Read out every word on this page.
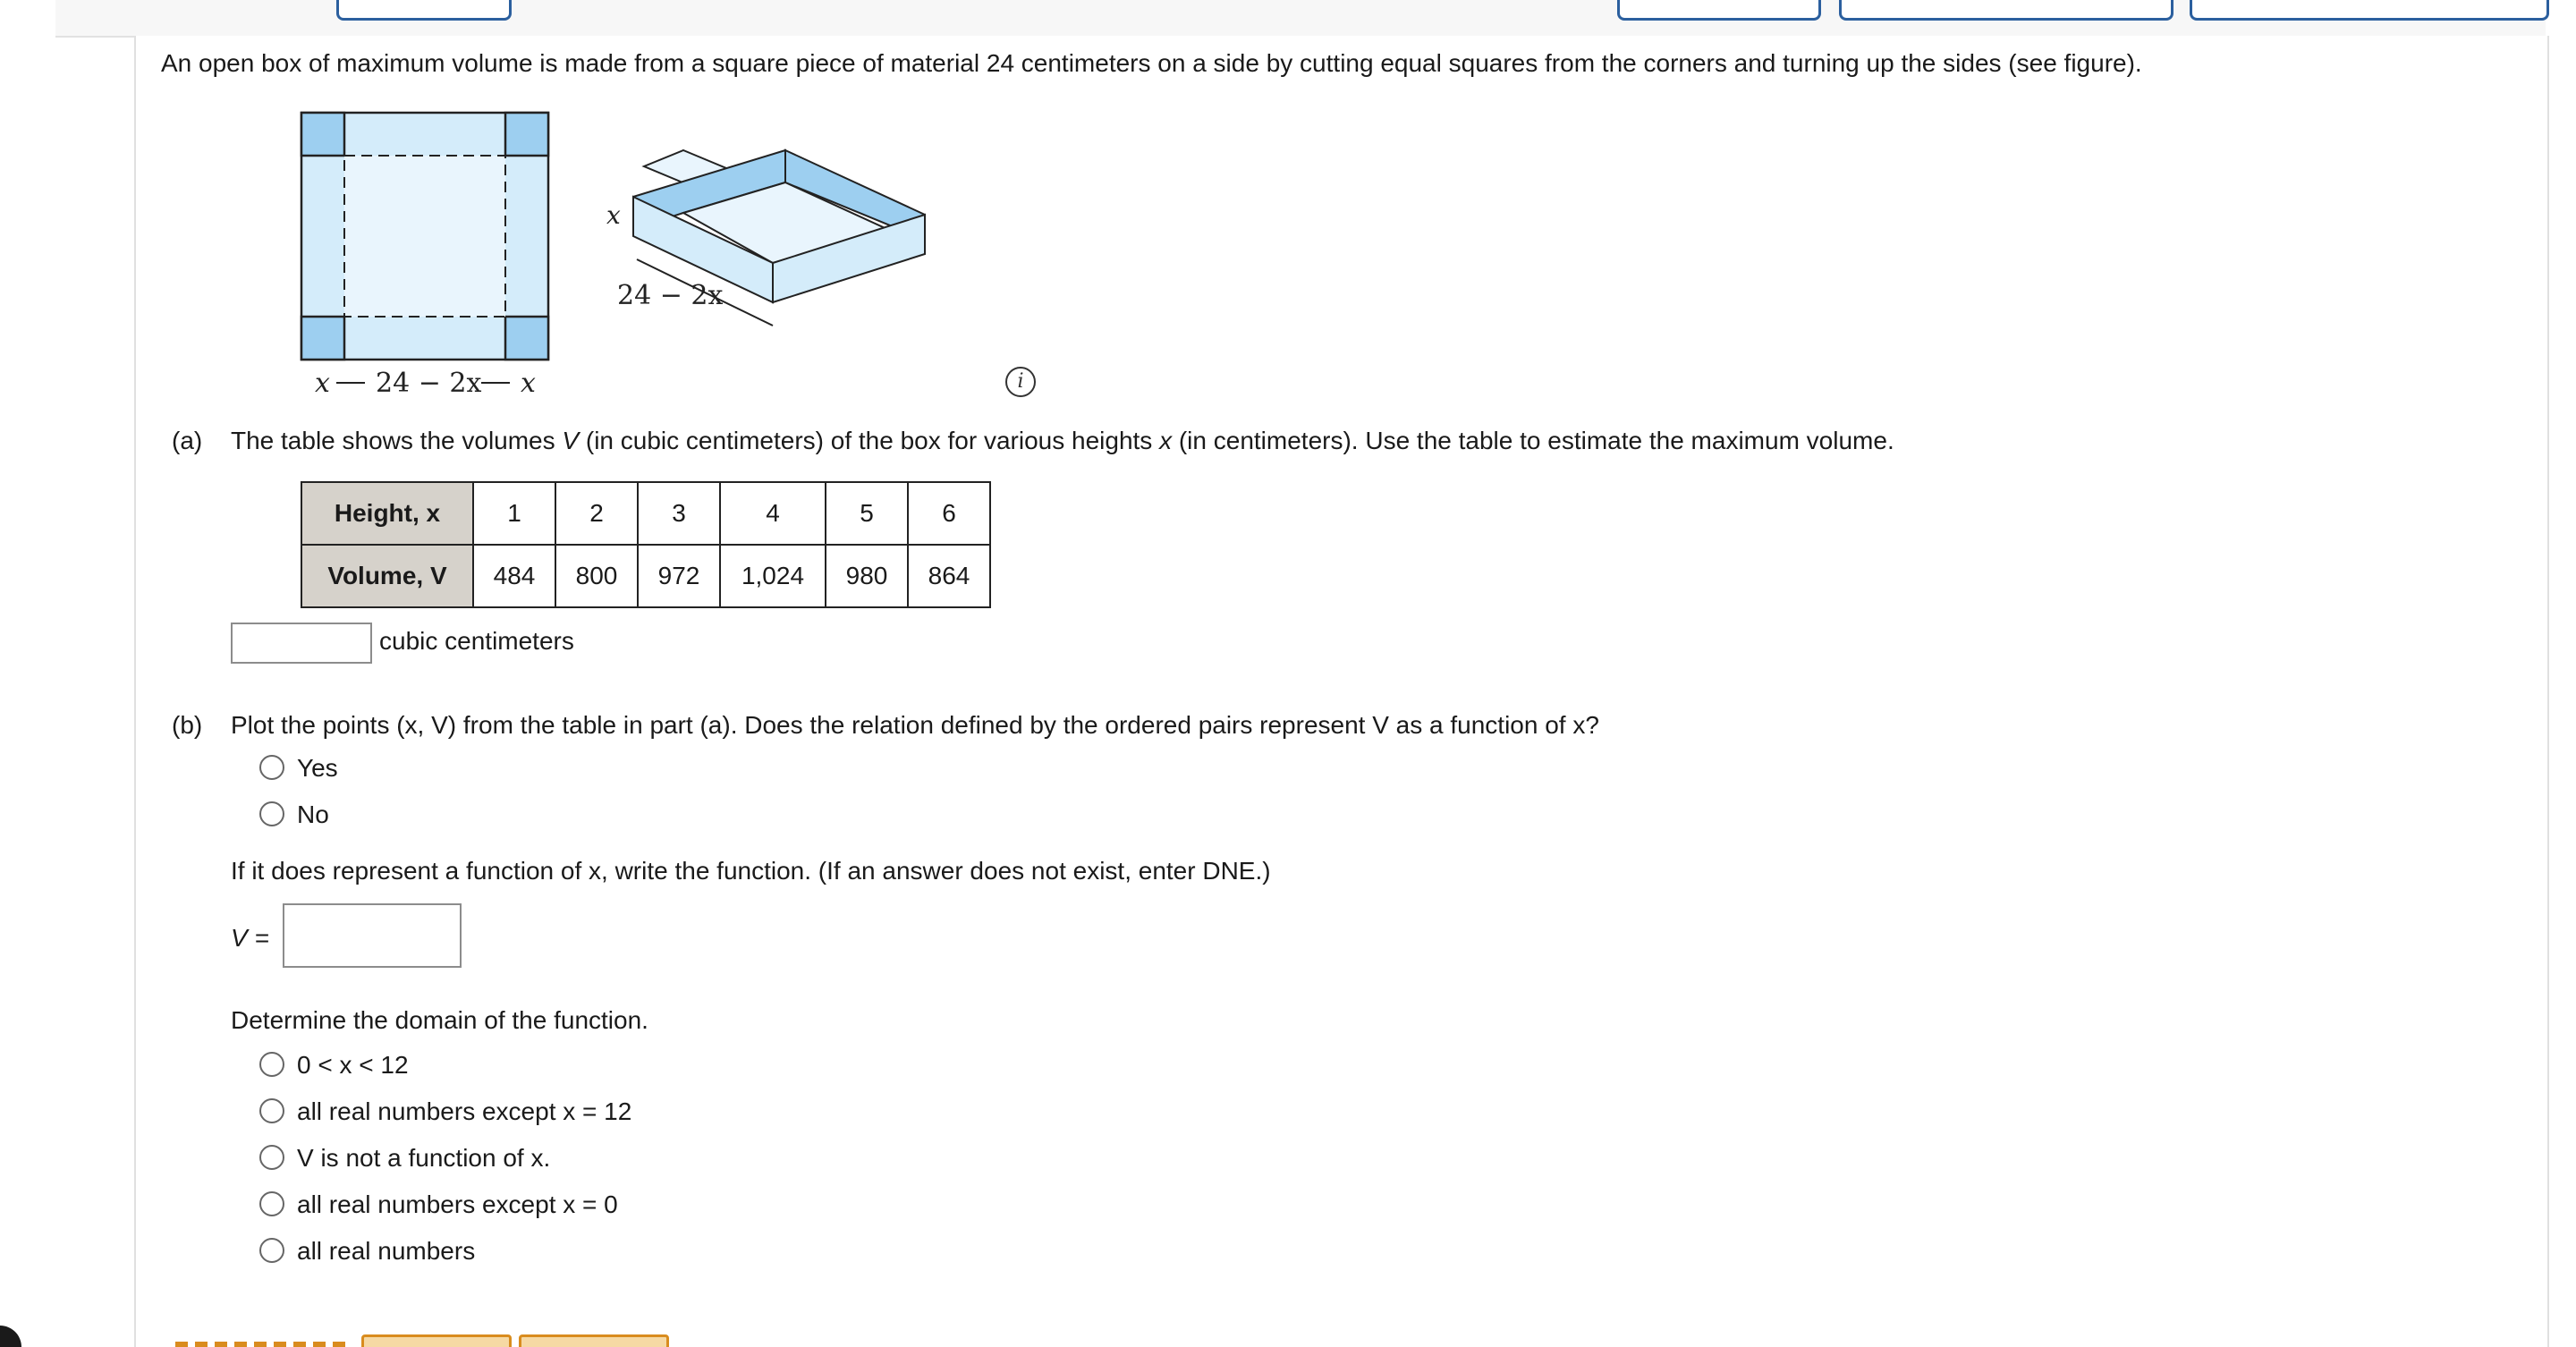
An open box of maximum volume is made from a square piece of material 24 centimeters on a side by cutting equal squares from the corners and turning up the sides (see figure).
x 24 − 2x x
x
24 − 2x
i
(a) The table shows the volumes V (in cubic centimeters) of the box for various heights x (in centimeters). Use the table to estimate the maximum volume.
Height, x	1	2	3	4	5	6
Volume, V	484	800	972	1,024	980	864
cubic centimeters
(b) Plot the points (x, V) from the table in part (a). Does the relation defined by the ordered pairs represent V as a function of x?
Yes
No
If it does represent a function of x, write the function. (If an answer does not exist, enter DNE.)
V =
Determine the domain of the function.
0 < x < 12
all real numbers except x = 12
V is not a function of x.
all real numbers except x = 0
all real numbers
